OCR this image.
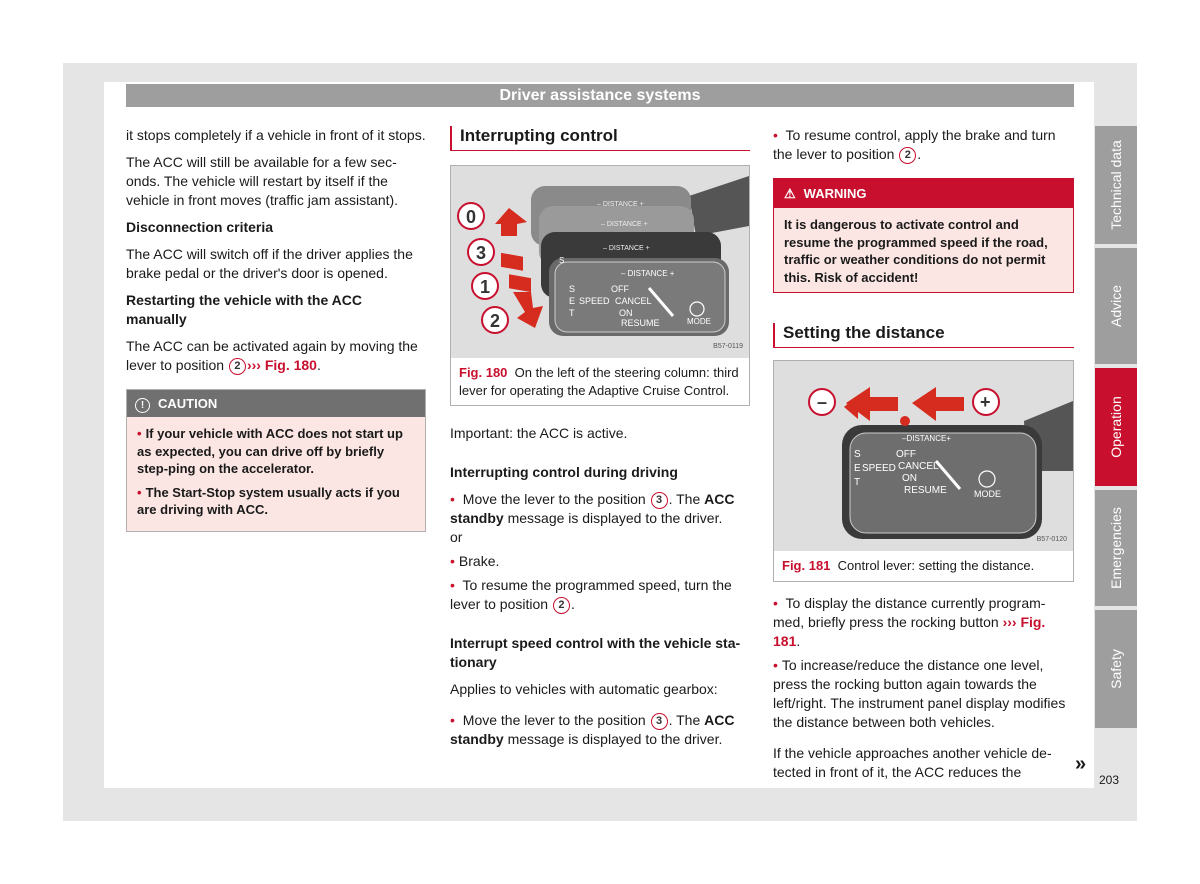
Driver assistance systems

it stops completely if a vehicle in front of it stops.

The ACC will still be available for a few sec-onds. The vehicle will restart by itself if the vehicle in front moves (traffic jam assistant).

Disconnection criteria

The ACC will switch off if the driver applies the brake pedal or the driver's door is opened.

Restarting the vehicle with the ACC manually

The ACC can be activated again by moving the lever to position 2 ››› Fig. 180.

! CAUTION

• If your vehicle with ACC does not start up as expected, you can drive off by briefly step-ping on the accelerator.

• The Start-Stop system usually acts if you are driving with ACC.

Interrupting control
– DISTANCE +
– DISTANCE +
– DISTANCE +
– DISTANCE +
S
S
E
T
SPEED
OFF
CANCEL
ON
RESUME	MODE
0
3
1
2
B57-0119
Fig. 180 On the left of the steering column: third lever for operating the Adaptive Cruise Control.

Important: the ACC is active.

Interrupting control during driving

• Move the lever to the position 3 . The ACC standby message is displayed to the driver.

or

• Brake.

• To resume the programmed speed, turn the lever to position 2 .

Interrupt speed control with the vehicle sta-tionary

Applies to vehicles with automatic gearbox:

• Move the lever to the position 3 . The ACC standby message is displayed to the driver.

• To resume control, apply the brake and turn the lever to position 2 .

⚠ WARNING
It is dangerous to activate control and resume the programmed speed if the road, traffic or weather conditions do not permit this. Risk of accident!
Setting the distance
–	+
–DISTANCE+
S
E
T
SPEED
OFF
CANCEL
ON
RESUME	MODE
B57-0120
Fig. 181 Control lever: setting the distance.

• To display the distance currently program-med, briefly press the rocking button ››› Fig. 181.

• To increase/reduce the distance one level, press the rocking button again towards the left/right. The instrument panel display modifies the distance between both vehicles.

If the vehicle approaches another vehicle de-tected in front of it, the ACC reduces the

Technical data
Advice
Operation
Emergencies
Safety
»
203
